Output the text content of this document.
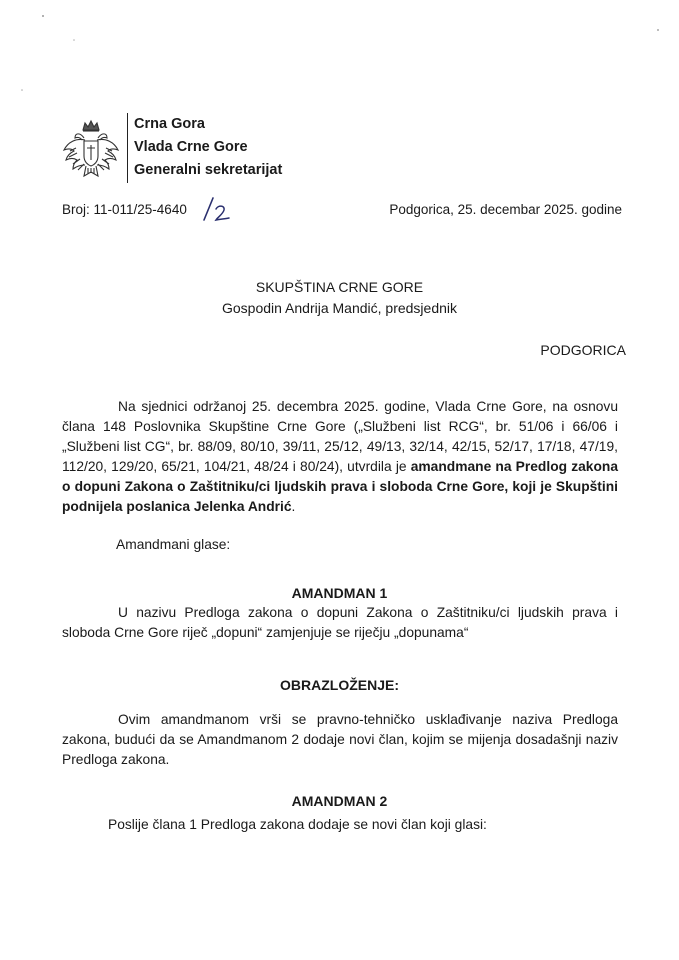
Crna Gora
Vlada Crne Gore
Generalni sekretarijat
Broj: 11-011/25-4640	Podgorica, 25. decembar 2025. godine
SKUPŠTINA CRNE GORE
Gospodin Andrija Mandić, predsjednik
PODGORICA
Na sjednici održanoj 25. decembra 2025. godine, Vlada Crne Gore, na osnovu člana 148 Poslovnika Skupštine Crne Gore („Službeni list RCG“, br. 51/06 i 66/06 i „Službeni list CG“, br. 88/09, 80/10, 39/11, 25/12, 49/13, 32/14, 42/15, 52/17, 17/18, 47/19, 112/20, 129/20, 65/21, 104/21, 48/24 i 80/24), utvrdila je amandmane na Predlog zakona o dopuni Zakona o Zaštitniku/ci ljudskih prava i sloboda Crne Gore, koji je Skupštini podnijela poslanica Jelenka Andrić.
Amandmani glase:
AMANDMAN 1
U nazivu Predloga zakona o dopuni Zakona o Zaštitniku/ci ljudskih prava i sloboda Crne Gore riječ „dopuni“ zamjenjuje se riječju „dopunama“
OBRAZLOŽENJE:
Ovim amandmanom vrši se pravno-tehničko usklađivanje naziva Predloga zakona, budući da se Amandmanom 2 dodaje novi član, kojim se mijenja dosadašnji naziv Predloga zakona.
AMANDMAN 2
Poslije člana 1 Predloga zakona dodaje se novi član koji glasi:
